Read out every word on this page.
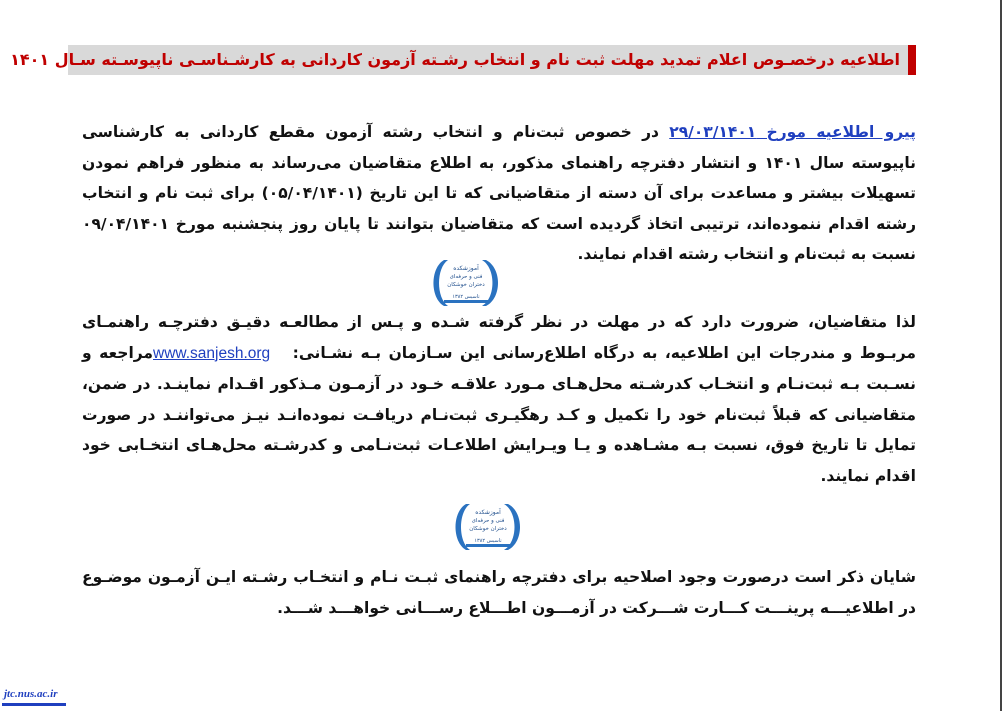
اطلاعیه درخصـوص اعلام تمدید مهلت ثبت نام و انتخاب رشـته آزمون کاردانی به کارشـناسـی ناپیوسـته سـال ۱۴۰۱
پیرو اطلاعیه مورخ ۲۹/۰۳/۱۴۰۱ در خصوص ثبت‌نام و انتخاب رشته آزمون مقطع کاردانی به کارشناسی ناپیوسته سال ۱۴۰۱ و انتشار دفترچه راهنمای مذکور، به اطلاع متقاضیان می‌رساند به منظور فراهم نمودن تسهیلات بیشتر و مساعدت برای آن دسته از متقاضیانی که تا این تاریخ (۰۵/۰۴/۱۴۰۱) برای ثبت نام و انتخاب رشته اقدام ننموده‌اند، ترتیبی اتخاذ گردیده است که متقاضیان بتوانند تا پایان روز پنجشنبه مورخ ۰۹/۰۴/۱۴۰۱ نسبت به ثبت‌نام و انتخاب رشته اقدام نمایند.
آموزشکده
فنی و حرفه‌ای
دختران خوشکان
تاسیس ۱۳۸۲
لذا متقاضیان، ضرورت دارد که در مهلت در نظر گرفته شـده و پـس از مطالعـه دقیـق دفترچـه راهنمـای مربـوط و مندرجات این اطلاعیه، به درگاه اطلاع‌رسانی این سـازمان بـه نشـانی:   www.sanjesh.orgمراجعه و نسـبت بـه ثبت‌نـام و انتخـاب کدرشـته محل‌هـای مـورد علاقـه خـود در آزمـون مـذکور اقـدام نماینـد. در ضمن، متقاضیانی که قبلاً ثبت‌نام خود را تکمیل و کـد رهگیـری ثبت‌نـام دریافـت نموده‌انـد نیـز می‌تواننـد در صورت تمایل تا تاریخ فوق، نسبت بـه مشـاهده و یـا ویـرایش اطلاعـات ثبت‌نـامی و کدرشـته محل‌هـای انتخـابی خود اقدام نمایند.
آموزشکده
فنی و حرفه‌ای
دختران خوشکان
تاسیس ۱۳۸۲
شایان ذکر است درصورت وجود اصلاحیه برای دفترچه راهنمای ثبـت نـام و انتخـاب رشـته ایـن آزمـون موضـوع در اطلاعیـــه پرینـــت کـــارت شـــرکت در آزمـــون اطـــلاع رســـانی خواهـــد شـــد.
jtc.nus.ac.ir
